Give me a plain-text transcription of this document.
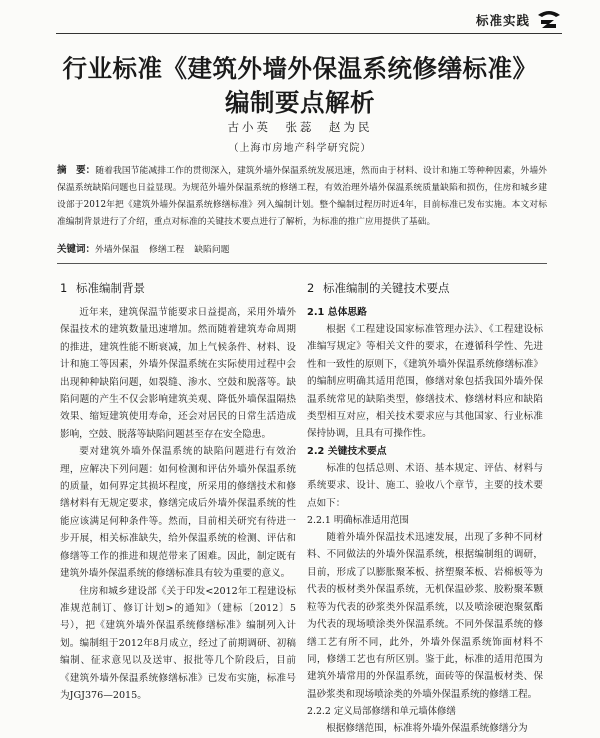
标准实践
行业标准《建筑外墙外保温系统修缮标准》
编制要点解析
古小英　张蕊　赵为民
（上海市房地产科学研究院）
摘　要：随着我国节能减排工作的贯彻深入，建筑外墙外保温系统发展迅速，然而由于材料、设计和施工等种种因素，外墙外保温系统缺陷问题也日益显现。为规范外墙外保温系统的修缮工程，有效治理外墙外保温系统质量缺陷和损伤，住房和城乡建设部于2012年把《建筑外墙外保温系统修缮标准》列入编制计划。整个编制过程历时近4年，目前标准已发布实施。本文对标准编制背景进行了介绍，重点对标准的关键技术要点进行了解析，为标准的推广应用提供了基础。
关键词：外墙外保温 修缮工程 缺陷问题
1 标准编制背景

近年来，建筑保温节能要求日益提高，采用外墙外保温技术的建筑数量迅速增加。然而随着建筑寿命周期的推进，建筑性能不断衰减，加上气候条件、材料、设计和施工等因素，外墙外保温系统在实际使用过程中会出现种种缺陷问题，如裂缝、渗水、空鼓和脱落等。缺陷问题的产生不仅会影响建筑美观、降低外墙保温隔热效果、缩短建筑使用寿命，还会对居民的日常生活造成影响，空鼓、脱落等缺陷问题甚至存在安全隐患。

要对建筑外墙外保温系统的缺陷问题进行有效治理，应解决下列问题：如何检测和评估外墙外保温系统的质量，如何界定其损坏程度，所采用的修缮技术和修缮材料有无规定要求，修缮完成后外墙外保温系统的性能应该满足何种条件等。然而，目前相关研究有待进一步开展，相关标准缺失，给外保温系统的检测、评估和修缮等工作的推进和规范带来了困难。因此，制定既有建筑外墙外保温系统的修缮标准具有较为重要的意义。

住房和城乡建设部《关于印发<2012年工程建设标准规范制订、修订计划>的通知》（建标〔2012〕5号），把《建筑外墙外保温系统修缮标准》编制列入计划。编制组于2012年8月成立，经过了前期调研、初稿编制、征求意见以及送审、报批等几个阶段后，目前《建筑外墙外保温系统修缮标准》已发布实施，标准号为JGJ376—2015。

2 标准编制的关键技术要点
2.1 总体思路

根据《工程建设国家标准管理办法》、《工程建设标准编写规定》等相关文件的要求，在遵循科学性、先进性和一致性的原则下，《建筑外墙外保温系统修缮标准》的编制应明确其适用范围，修缮对象包括我国外墙外保温系统常见的缺陷类型，修缮技术、修缮材料应和缺陷类型相互对应，相关技术要求应与其他国家、行业标准保持协调，且具有可操作性。

2.2 关键技术要点

标准的包括总则、术语、基本规定、评估、材料与系统要求、设计、施工、验收八个章节，主要的技术要点如下：

2.2.1 明确标准适用范围

随着外墙外保温技术迅速发展，出现了多种不同材料、不同做法的外墙外保温系统，根据编制组的调研，目前，形成了以膨胀聚苯板、挤塑聚苯板、岩棉板等为代表的板材类外保温系统，无机保温砂浆、胶粉聚苯颗粒等为代表的砂浆类外保温系统，以及喷涂硬泡聚氨酯为代表的现场喷涂类外保温系统。不同外保温系统的修缮工艺有所不同，此外，外墙外保温系统饰面材料不同，修缮工艺也有所区别。鉴于此，标准的适用范围为建筑外墙常用的外保温系统，面砖等的保温板材类、保温砂浆类和现场喷涂类的外墙外保温系统的修缮工程。

2.2.2 定义局部修缮和单元墙体修缮

根据修缮范围，标准将外墙外保温系统修缮分为
